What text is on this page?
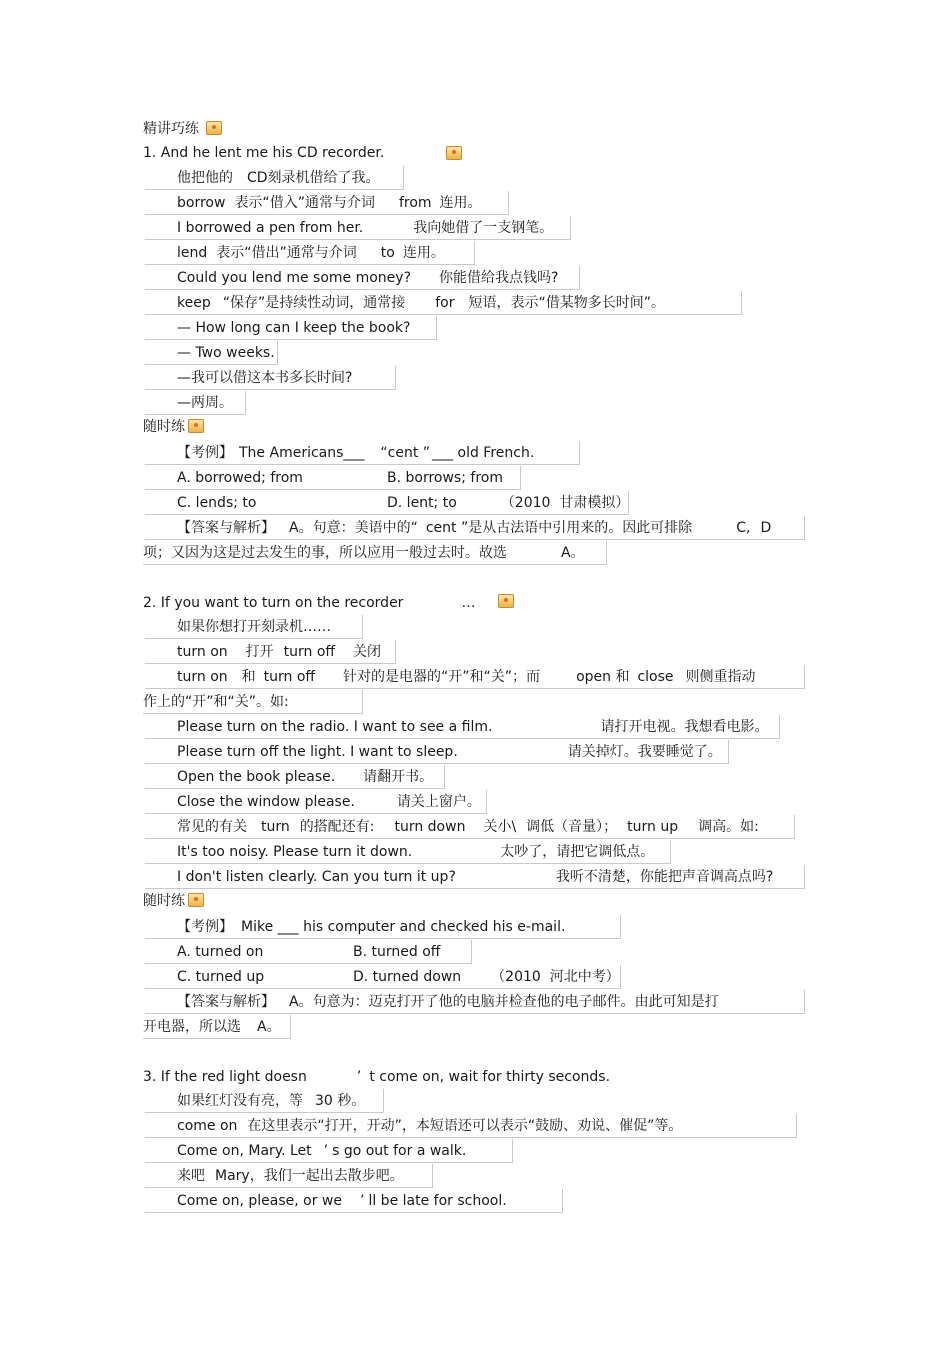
精讲巧练
1. And he lent me his CD recorder.
他把他的 CD刻录机借给了我。
borrow 表示“借入”通常与介词 from 连用。
I borrowed a pen from her.	我向她借了一支钢笔。
lend 表示“借出”通常与介词 to 连用。
Could you lend me some money? 你能借给我点钱吗?
keep “保存”是持续性动词，通常接 for 短语，表示“借某物多长时间”。
— How long can I keep the book?
— Two weeks.
—我可以借这本书多长时间?
—两周。
随时练
【考例】 The Americans___ “cent ” ___ old French.
A. borrowed; from	B. borrows; from
C. lends; to	D. lent; to	（2010 甘肃模拟）
【答案与解析】 A。句意：美语中的“ cent ”是从古法语中引用来的。因此可排除	C, D
项；又因为这是过去发生的事，所以应用一般过去时。故选	A。
2. If you want to turn on the recorder	…
如果你想打开刻录机……
turn on 打开 turn off 关闭
turn on 和 turn off 针对的是电器的“开”和“关”；而	open 和 close 则侧重指动
作上的“开”和“关”。如:
Please turn on the radio. I want to see a film.	请打开电视。我想看电影。
Please turn off the light. I want to sleep.	请关掉灯。我要睡觉了。
Open the book please. 请翻开书。
Close the window please.	请关上窗户。
常见的有关 turn 的搭配还有: turn down 关小\ 调低（音量）； turn up 调高。如:
It's too noisy. Please turn it down.	太吵了，请把它调低点。
I don't listen clearly. Can you turn it up?	我听不清楚，你能把声音调高点吗?
随时练
【考例】 Mike ___ his computer and checked his e-mail.
A. turned on	B. turned off
C. turned up	D. turned down （2010 河北中考）
【答案与解析】 A。句意为：迈克打开了他的电脑并检查他的电子邮件。由此可知是打
开电器，所以选 A。
3. If the red light doesn	’ t come on, wait for thirty seconds.
如果红灯没有亮，等 30 秒。
come on 在这里表示“打开，开动”，本短语还可以表示“鼓励、劝说、催促”等。
Come on, Mary. Let ’ s go out for a walk.
来吧 Mary，我们一起出去散步吧。
Come on, please, or we ’ ll be late for school.
